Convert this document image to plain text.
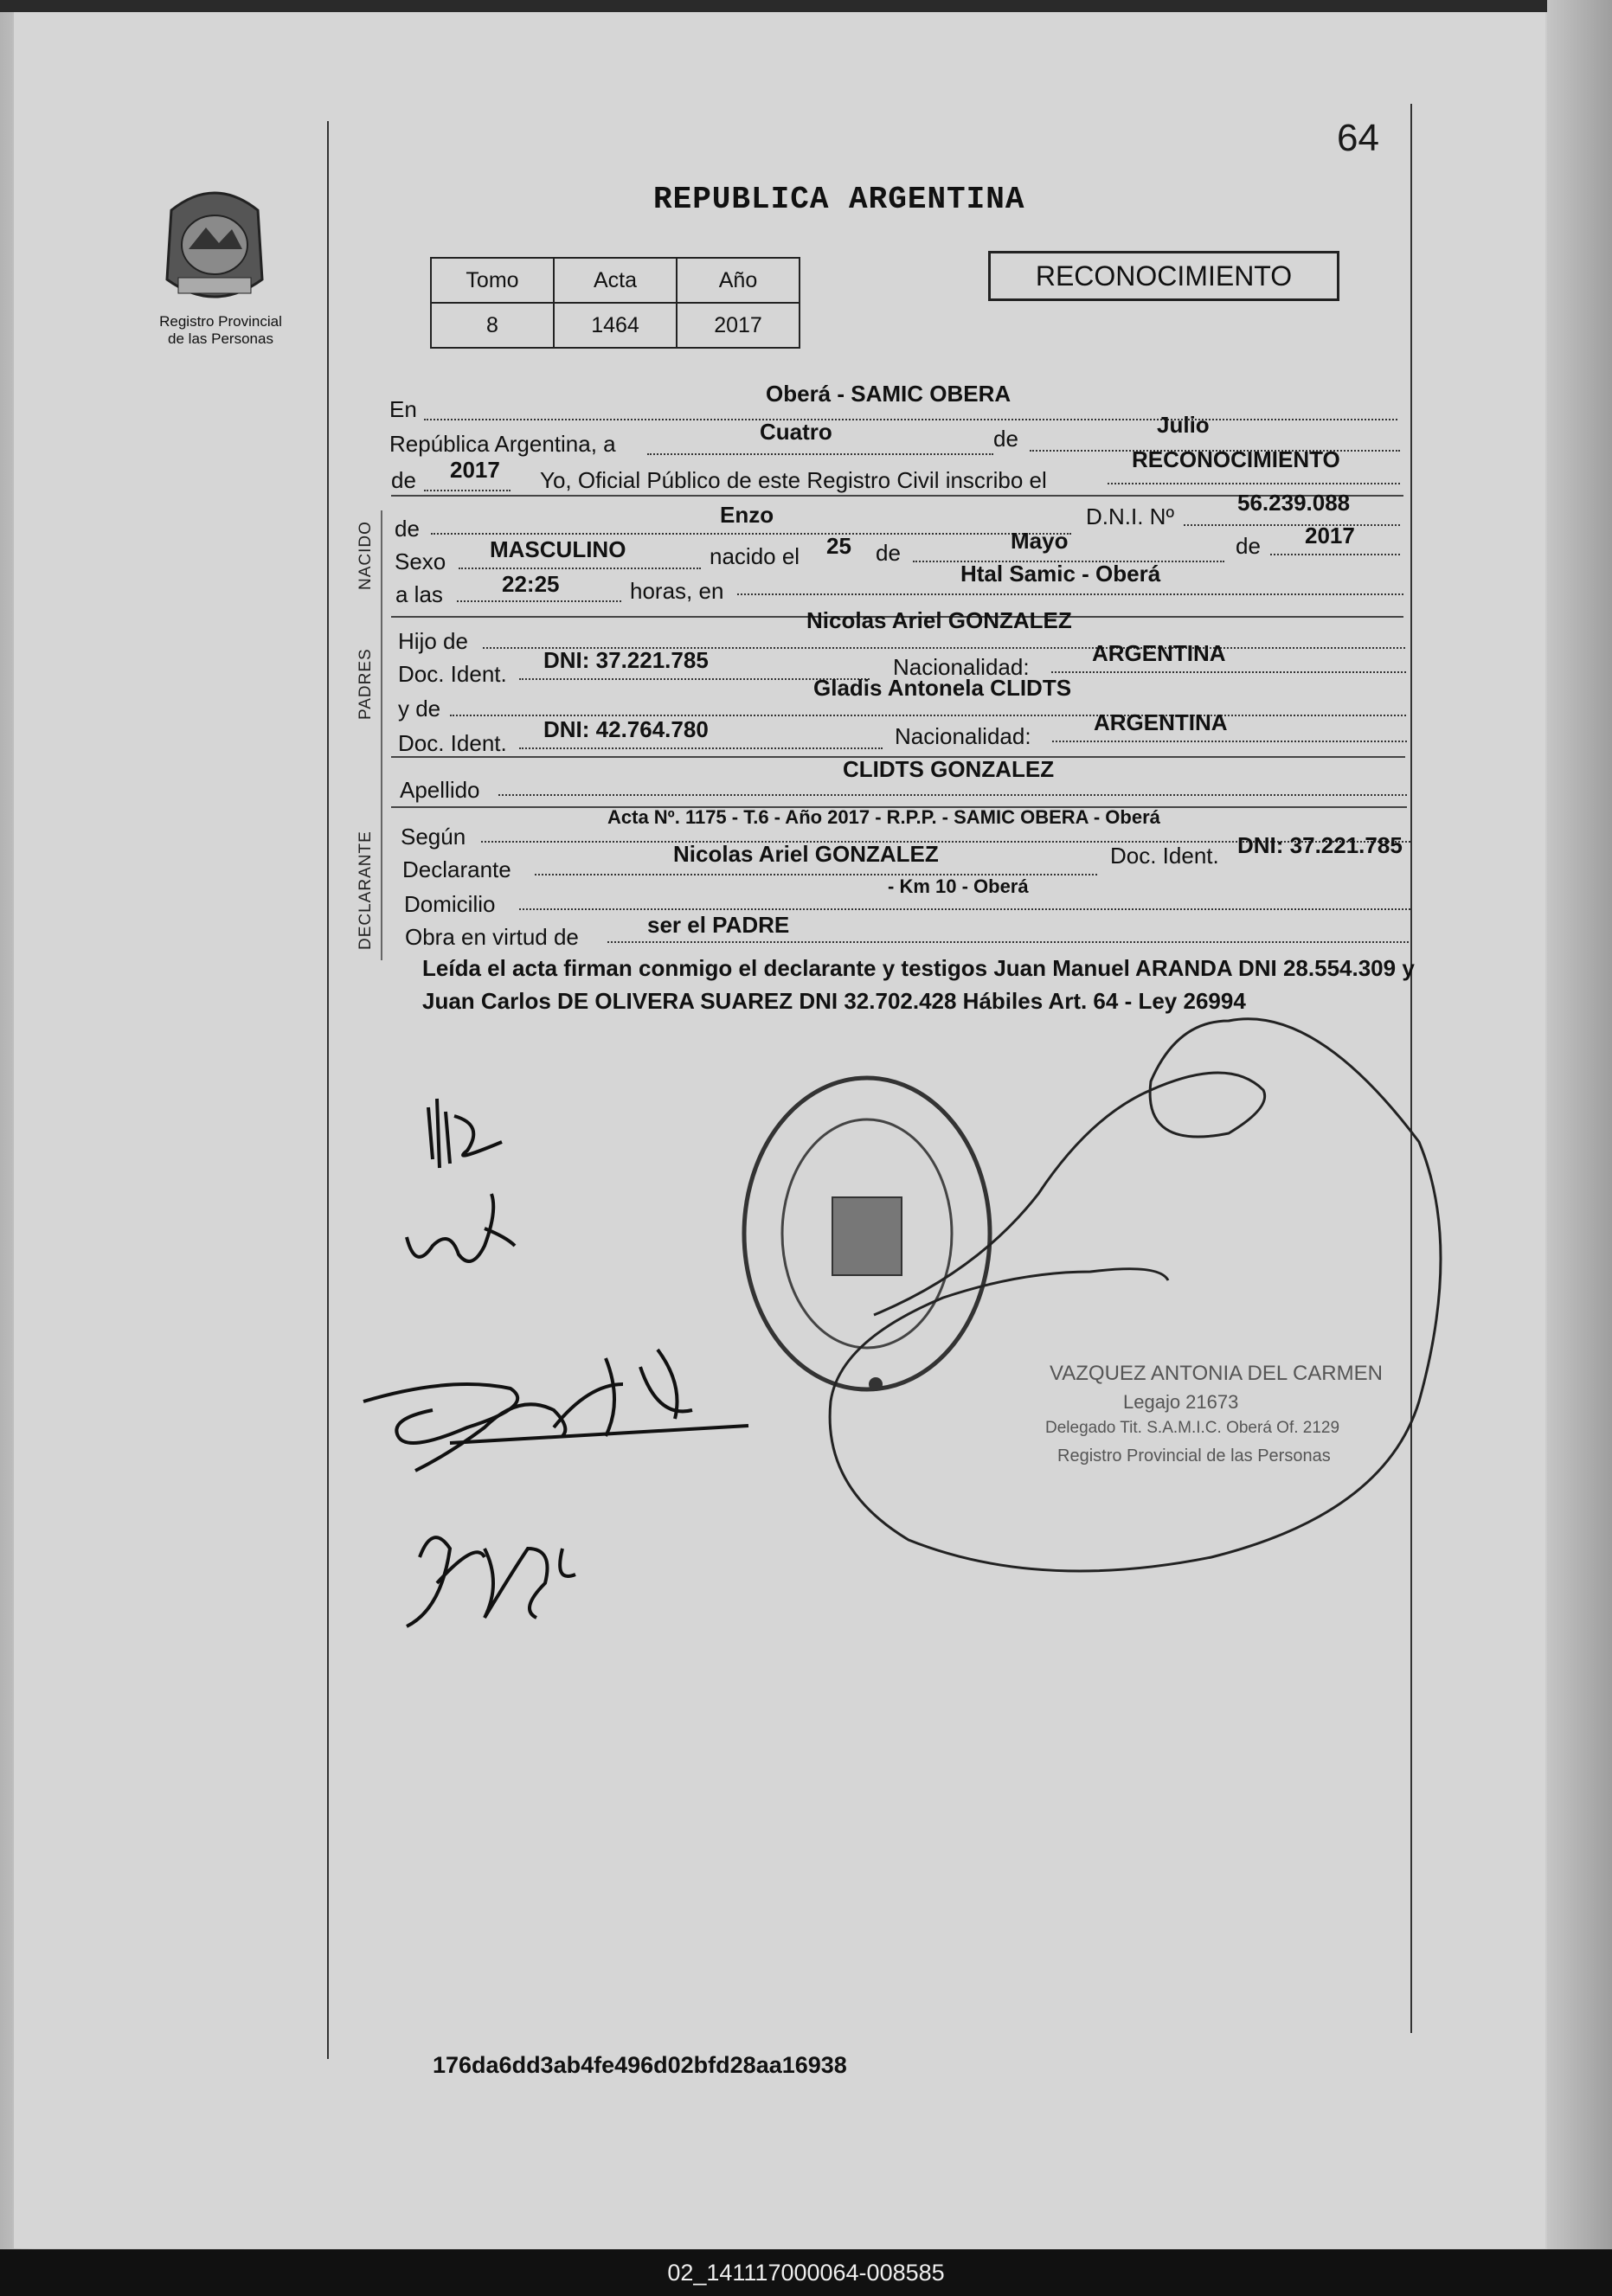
64
REPUBLICA ARGENTINA
Registro Provincial
de las Personas
Tomo	Acta	Año
8	1464	2017
RECONOCIMIENTO
En
Oberá - SAMIC OBERA
República Argentina, a	Cuatro	de
Julio
de 2017 Yo, Oficial Público de este Registro Civil inscribo el
RECONOCIMIENTO
NACIDO de
Enzo	D.N.I. Nº
56.239.088
Sexo MASCULINO	nacido el 25 de	Mayo	de 2017
a las	22:25	horas, en
Htal Samic - Oberá
PADRES
Hijo de
Nicolas Ariel GONZALEZ
Doc. Ident.
DNI: 37.221.785	Nacionalidad:
ARGENTINA
y de
Gladis Antonela CLIDTS
Doc. Ident.
DNI: 42.764.780	Nacionalidad:
ARGENTINA
Apellido
CLIDTS GONZALEZ
DECLARANTE Según
Acta Nº. 1175 - T.6 - Año 2017 - R.P.P. - SAMIC OBERA - Oberá
Declarante
Nicolas Ariel GONZALEZ	Doc. Ident. DNI: 37.221.785
Domicilio
- Km 10 - Oberá
Obra en virtud de	ser el PADRE
Leída el acta firman conmigo el declarante y testigos Juan Manuel ARANDA DNI 28.554.309 y Juan Carlos DE OLIVERA SUAREZ DNI 32.702.428 Hábiles Art. 64 - Ley 26994
VAZQUEZ ANTONIA DEL CARMEN
Legajo 21673
Delegado Tit. S.A.M.I.C. Oberá Of. 2129
Registro Provincial de las Personas
176da6dd3ab4fe496d02bfd28aa16938
02_141117000064-008585
